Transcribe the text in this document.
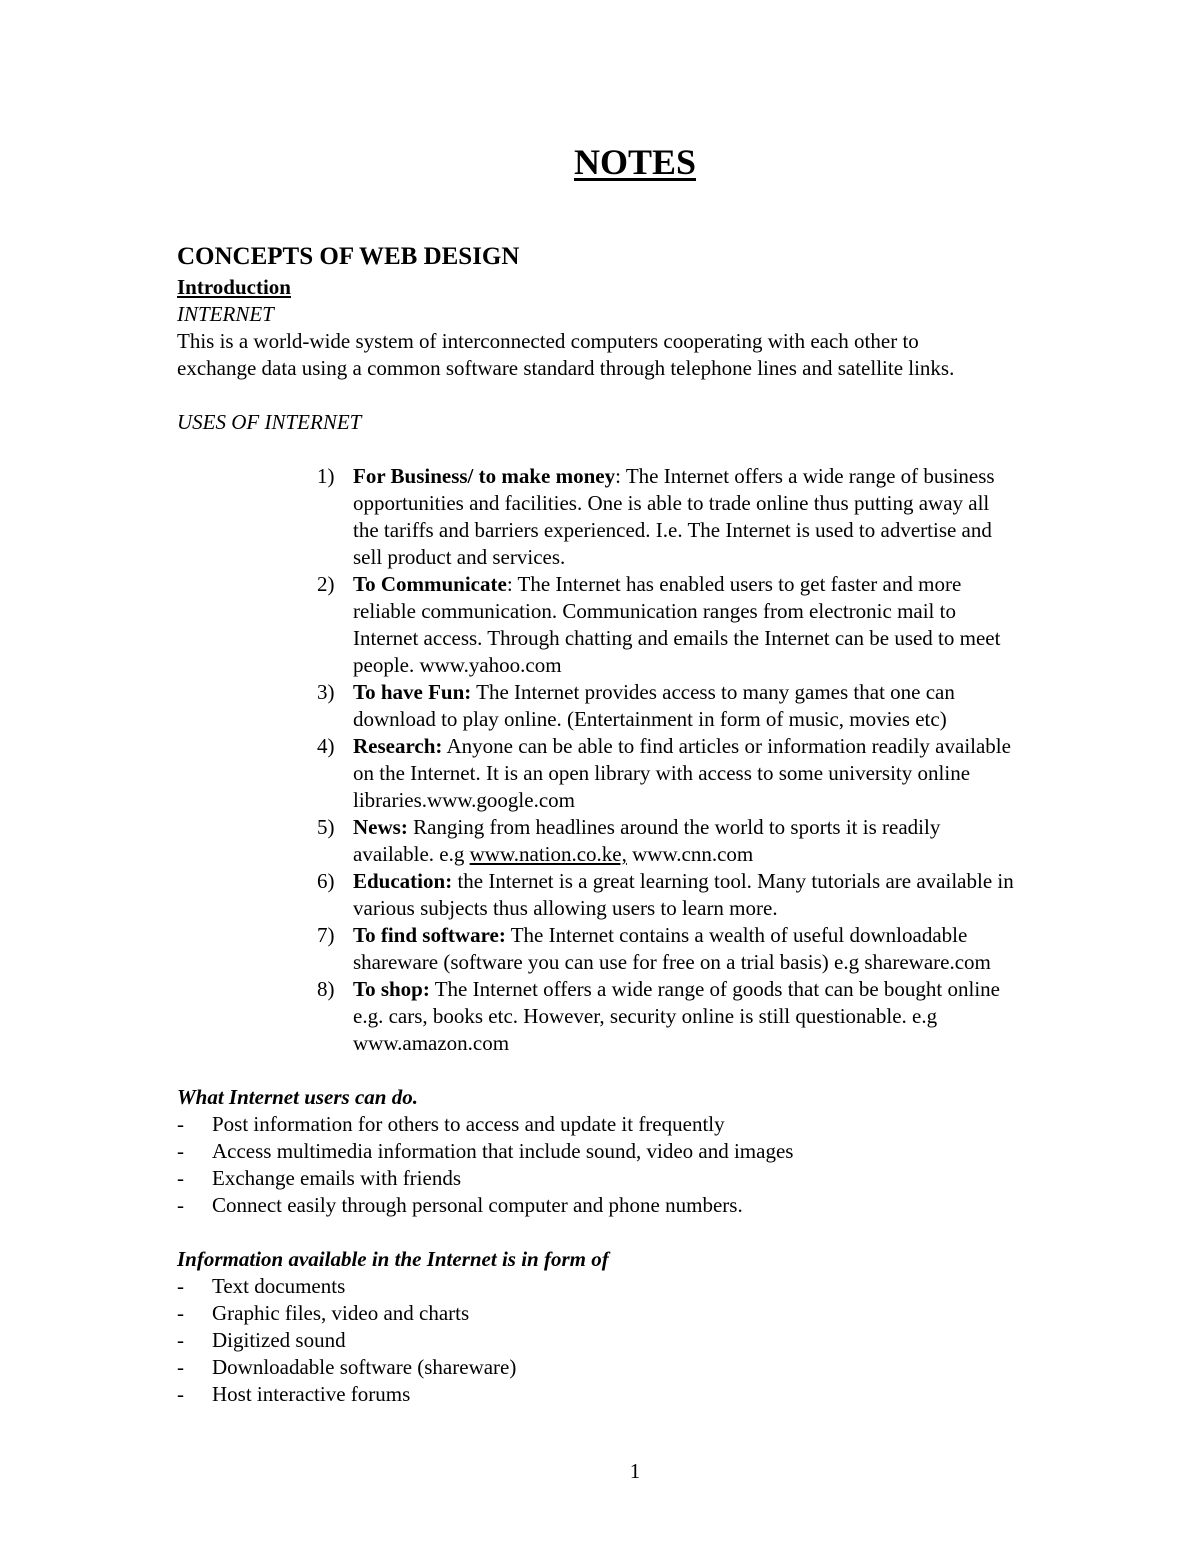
NOTES

CONCEPTS OF WEB DESIGN

Introduction

INTERNET

This is a world-wide system of interconnected computers cooperating with each other to

exchange data using a common software standard through telephone lines and satellite links.

USES OF INTERNET

1) For Business/ to make money: The Internet offers a wide range of business
opportunities and facilities. One is able to trade online thus putting away all
the tariffs and barriers experienced. I.e. The Internet is used to advertise and
sell product and services.
2) To Communicate: The Internet has enabled users to get faster and more
reliable communication. Communication ranges from electronic mail to
Internet access. Through chatting and emails the Internet can be used to meet
people. www.yahoo.com
3) To have Fun: The Internet provides access to many games that one can
download to play online. (Entertainment in form of music, movies etc)
4) Research: Anyone can be able to find articles or information readily available
on the Internet. It is an open library with access to some university online
libraries.www.google.com
5) News: Ranging from headlines around the world to sports it is readily
available. e.g www.nation.co.ke, www.cnn.com
6) Education: the Internet is a great learning tool. Many tutorials are available in
various subjects thus allowing users to learn more.
7) To find software: The Internet contains a wealth of useful downloadable
shareware (software you can use for free on a trial basis) e.g shareware.com
8) To shop: The Internet offers a wide range of goods that can be bought online
e.g. cars, books etc. However, security online is still questionable. e.g
www.amazon.com

What Internet users can do.

- Post information for others to access and update it frequently
- Access multimedia information that include sound, video and images
- Exchange emails with friends
- Connect easily through personal computer and phone numbers.

Information available in the Internet is in form of

- Text documents
- Graphic files, video and charts
- Digitized sound
- Downloadable software (shareware)
- Host interactive forums
1
